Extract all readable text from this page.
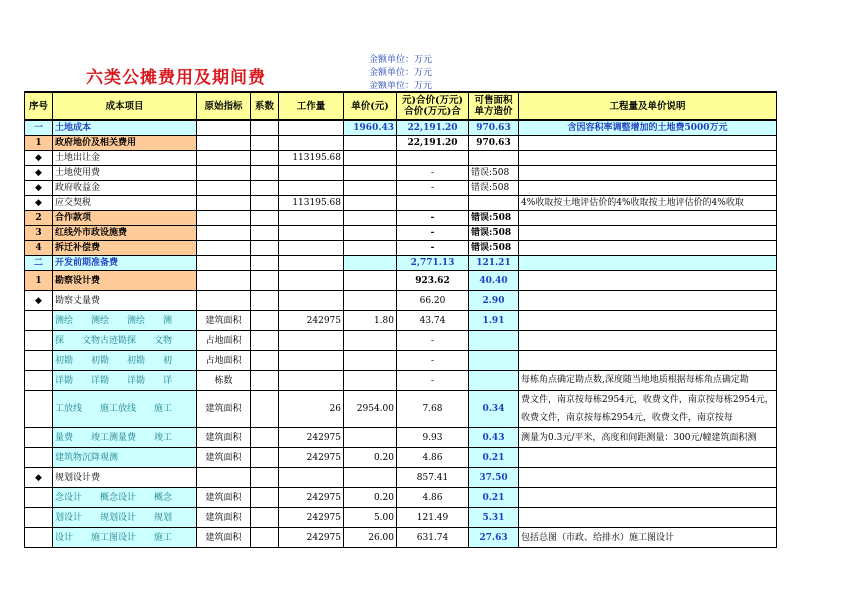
六类公摊费用及期间费
金额单位：万元
金额单位：万元
金额单位：万元
序号	成本项目	原始指标	系数	工作量	单价(元)	元)合价(万元)合价(万元)合	可售面积单方造价	工程量及单价说明
一	土地成本				1960.43	22,191.20	970.63	含因容积率调整增加的土地费5000万元
1	政府地价及相关费用					22,191.20	970.63	
◆	土地出让金			113195.68				
◆	土地使用费					-	错误:508	
◆	政府收益金					-	错误:508	
◆	应交契税			113195.68				4%收取按土地评估价的4%收取按土地评估价的4%收取
2	合作款项					-	错误:508	
3	红线外市政设施费					-	错误:508	
4	拆迁补偿费					-	错误:508	
二	开发前期准备费					2,771.13	121.21	
1	勘察设计费					923.62	40.40	
◆	勘察丈量费					66.20	2.90	
	测绘　　测绘　　测绘　　测	建筑面积		242975	1.80	43.74	1.91	
	探　　文物古迹勘探　　文物	占地面积				-		
	初勘　　初勘　　初勘　　初	占地面积				-		
	详勘　　详勘　　详勘　　详	栋数				-		每栋角点确定勘点数,深度随当地地质根据每栋角点确定勘
	工放线　　施工放线　　施工	建筑面积		26	2954.00	7.68	0.34	费文件，南京按每栋2954元，收费文件，南京按每栋2954元，收费文件，南京按每栋2954元，收费文件，南京按每
	量费　　竣工测量费　　竣工	建筑面积		242975		9.93	0.43	测量为0.3元/平米，高度和间距测量：300元/幢建筑面积测
	建筑物沉降观测	建筑面积		242975	0.20	4.86	0.21	
◆	规划设计费					857.41	37.50	
	念设计　　概念设计　　概念	建筑面积		242975	0.20	4.86	0.21	
	划设计　　规划设计　　规划	建筑面积		242975	5.00	121.49	5.31	
	设计　　施工图设计　　施工	建筑面积		242975	26.00	631.74	27.63	包括总图（市政、给排水）施工图设计
